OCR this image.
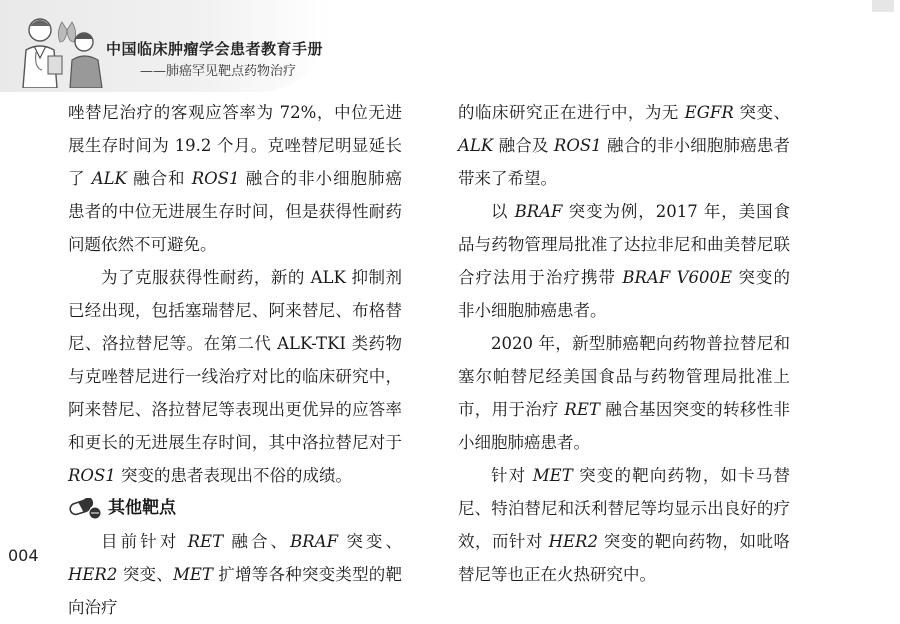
中国临床肿瘤学会患者教育手册
——肺癌罕见靶点药物治疗

唑替尼治疗的客观应答率为 72%，中位无进展生存时间为 19.2 个月。克唑替尼明显延长了 ALK 融合和 ROS1 融合的非小细胞肺癌患者的中位无进展生存时间，但是获得性耐药问题依然不可避免。

为了克服获得性耐药，新的 ALK 抑制剂已经出现，包括塞瑞替尼、阿来替尼、布格替尼、洛拉替尼等。在第二代 ALK-TKI 类药物与克唑替尼进行一线治疗对比的临床研究中，阿来替尼、洛拉替尼等表现出更优异的应答率和更长的无进展生存时间，其中洛拉替尼对于 ROS1 突变的患者表现出不俗的成绩。

其他靶点

目前针对 RET 融合、BRAF 突变、HER2 突变、MET 扩增等各种突变类型的靶向治疗

的临床研究正在进行中，为无 EGFR 突变、ALK 融合及 ROS1 融合的非小细胞肺癌患者带来了希望。

以 BRAF 突变为例，2017 年，美国食品与药物管理局批准了达拉非尼和曲美替尼联合疗法用于治疗携带 BRAF V600E 突变的非小细胞肺癌患者。

2020 年，新型肺癌靶向药物普拉替尼和塞尔帕替尼经美国食品与药物管理局批准上市，用于治疗 RET 融合基因突变的转移性非小细胞肺癌患者。

针对 MET 突变的靶向药物，如卡马替尼、特泊替尼和沃利替尼等均显示出良好的疗效，而针对 HER2 突变的靶向药物，如吡咯替尼等也正在火热研究中。

004
